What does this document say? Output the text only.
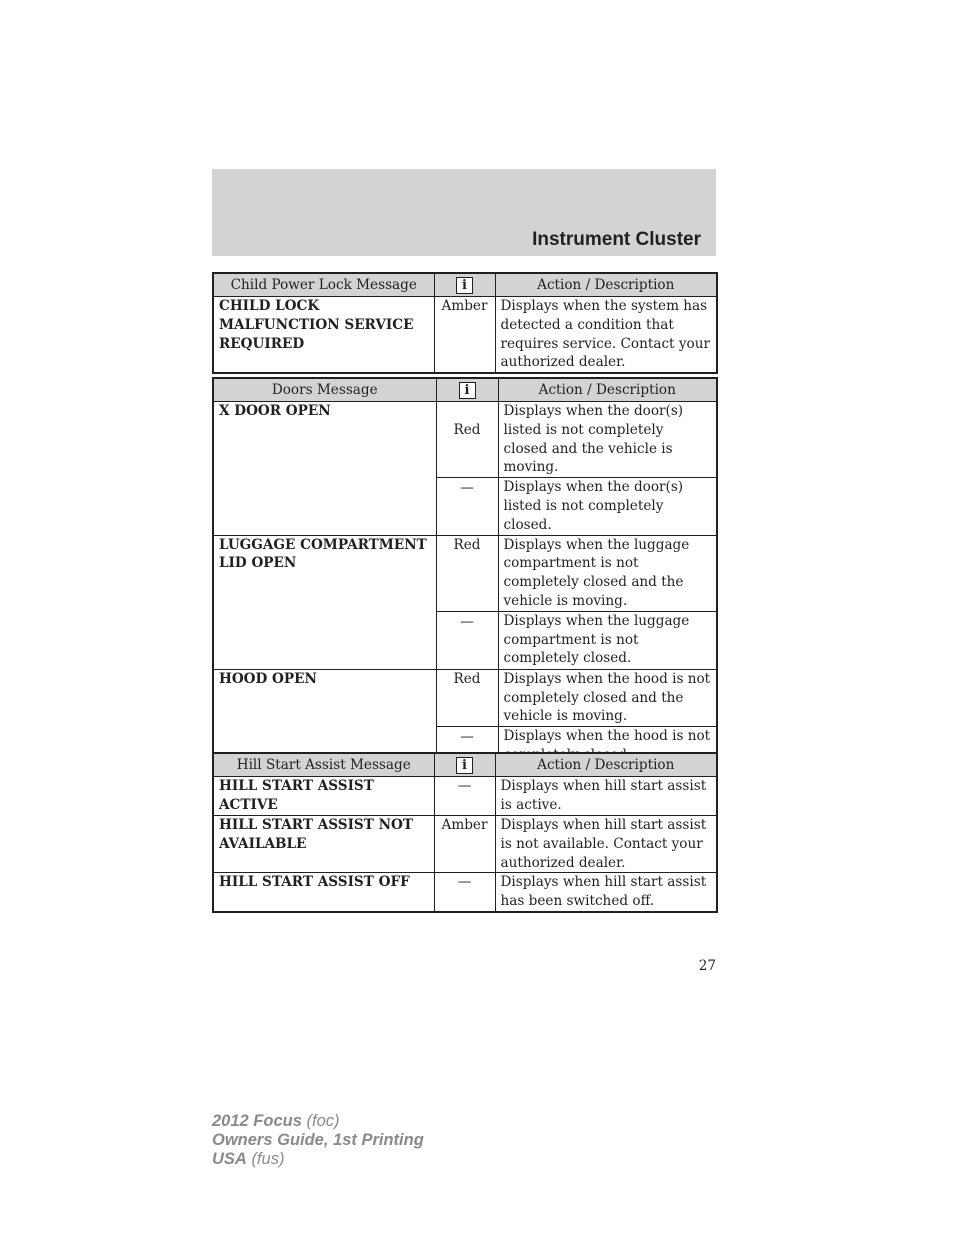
Instrument Cluster
Child Power Lock Message	i	Action / Description
CHILD LOCK MALFUNCTION SERVICE REQUIRED	Amber	Displays when the system has detected a condition that requires service. Contact your authorized dealer.
Doors Message	i	Action / Description
X DOOR OPEN	Red	Displays when the door(s) listed is not completely closed and the vehicle is moving.
	—	Displays when the door(s) listed is not completely closed.
LUGGAGE COMPARTMENT LID OPEN	Red	Displays when the luggage compartment is not completely closed and the vehicle is moving.
	—	Displays when the luggage compartment is not completely closed.
HOOD OPEN	Red	Displays when the hood is not completely closed and the vehicle is moving.
	—	Displays when the hood is not
Hill Start Assist Message	i	Action / Description
HILL START ASSIST ACTIVE	—	Displays when hill start assist is active.
HILL START ASSIST NOT AVAILABLE	Amber	Displays when hill start assist is not available. Contact your authorized dealer.
HILL START ASSIST OFF	—	Displays when hill start assist has been switched off.
27
2012 Focus (foc)
Owners Guide, 1st Printing
USA (fus)
